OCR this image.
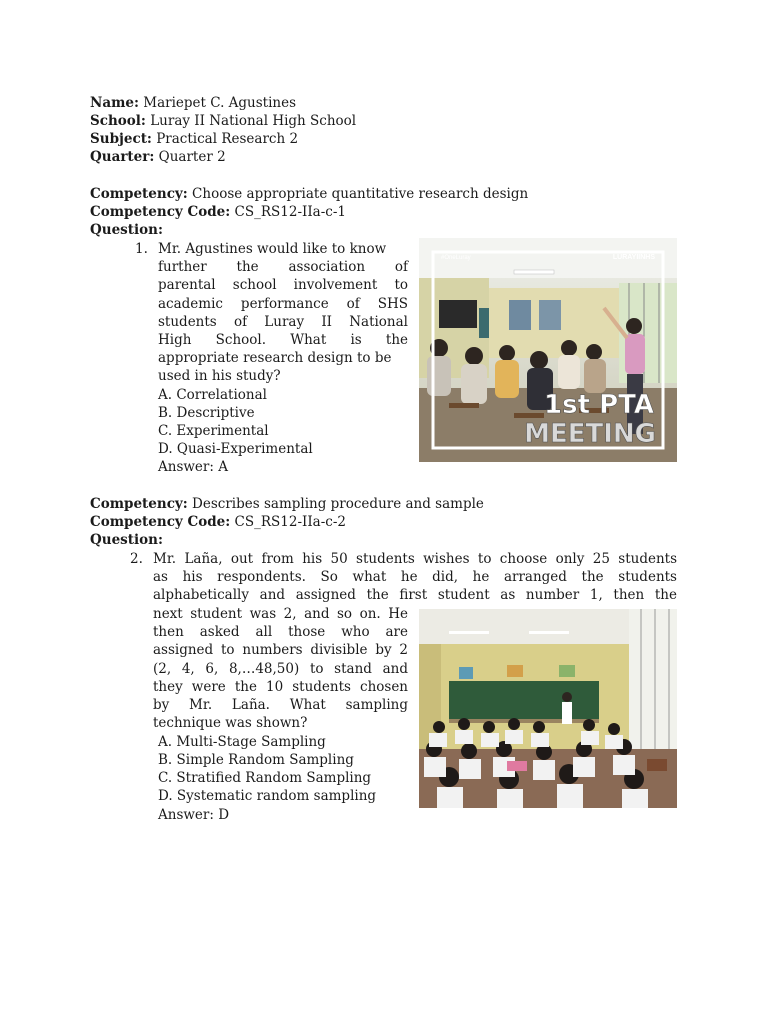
Name: Mariepet C. Agustines
School: Luray II National High School
Subject: Practical Research 2
Quarter: Quarter 2
Competency: Choose appropriate quantitative research design
Competency Code: CS_RS12-IIa-c-1
Question:
1. Mr. Agustines would like to know
further the association of
parental school involvement to
academic performance of SHS
students of Luray II National
High School. What is the
appropriate research design to be
used in his study?
A. Correlational
B. Descriptive
C. Experimental
D. Quasi-Experimental
Answer: A
#OneLuray	LURAYIINHS
1st PTA
MEETING
Competency: Describes sampling procedure and sample
Competency Code: CS_RS12-IIa-c-2
Question:
2. Mr. Laña, out from his 50 students wishes to choose only 25 students
as his respondents. So what he did, he arranged the students
alphabetically and assigned the first student as number 1, then the
next student was 2, and so on. He
then asked all those who are
assigned to numbers divisible by 2
(2, 4, 6, 8,…48,50) to stand and
they were the 10 students chosen
by Mr. Laña. What sampling
technique was shown?
A. Multi-Stage Sampling
B. Simple Random Sampling
C. Stratified Random Sampling
D. Systematic random sampling
Answer: D
